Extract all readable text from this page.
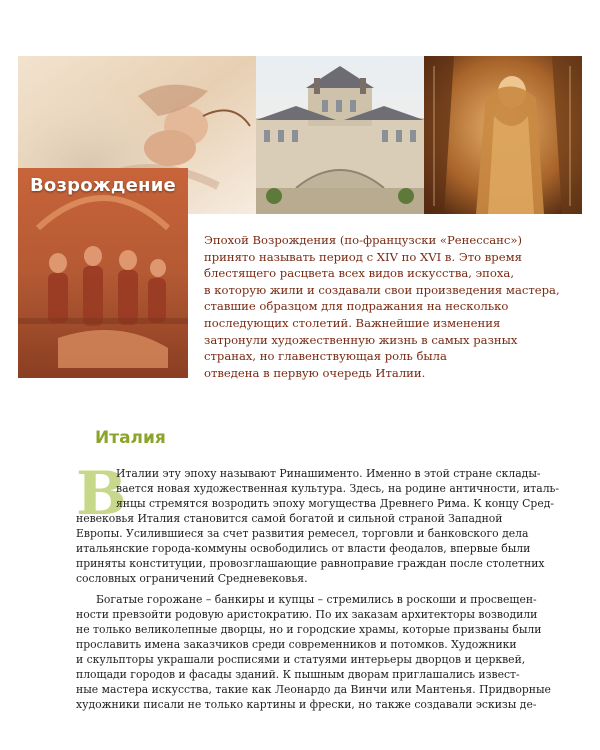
Возрождение

Эпохой Возрождения (по-французски «Ренессанс»)

принято называть период с XIV по XVI в. Это время

блестящего расцвета всех видов искусства, эпоха,

в которую жили и создавали свои произведения мастера,

ставшие образцом для подражания на несколько

последующих столетий. Важнейшие изменения

затронули художественную жизнь в самых разных

странах, но главенствующая роль была

отведена в первую очередь Италии.

Италия
В
Италии эту эпоху называют Ринашименто. Именно в этой стране склады-
вается новая художественная культура. Здесь, на родине античности, италь-
янцы стремятся возродить эпоху могущества Древнего Рима. К концу Сред-
невековья Италия становится самой богатой и сильной страной Западной
Европы. Усилившиеся за счет развития ремесел, торговли и банковского дела
итальянские города-коммуны освободились от власти феодалов, впервые были
приняты конституции, провозглашающие равноправие граждан после столетних
сословных ограничений Средневековья.
Богатые горожане – банкиры и купцы – стремились в роскоши и просвещен-
ности превзойти родовую аристократию. По их заказам архитекторы возводили
не только великолепные дворцы, но и городские храмы, которые призваны были
прославить имена заказчиков среди современников и потомков. Художники
и скульпторы украшали росписями и статуями интерьеры дворцов и церквей,
площади городов и фасады зданий. К пышным дворам приглашались извест-
ные мастера искусства, такие как Леонардо да Винчи или Мантенья. Придворные
художники писали не только картины и фрески, но также создавали эскизы де-
